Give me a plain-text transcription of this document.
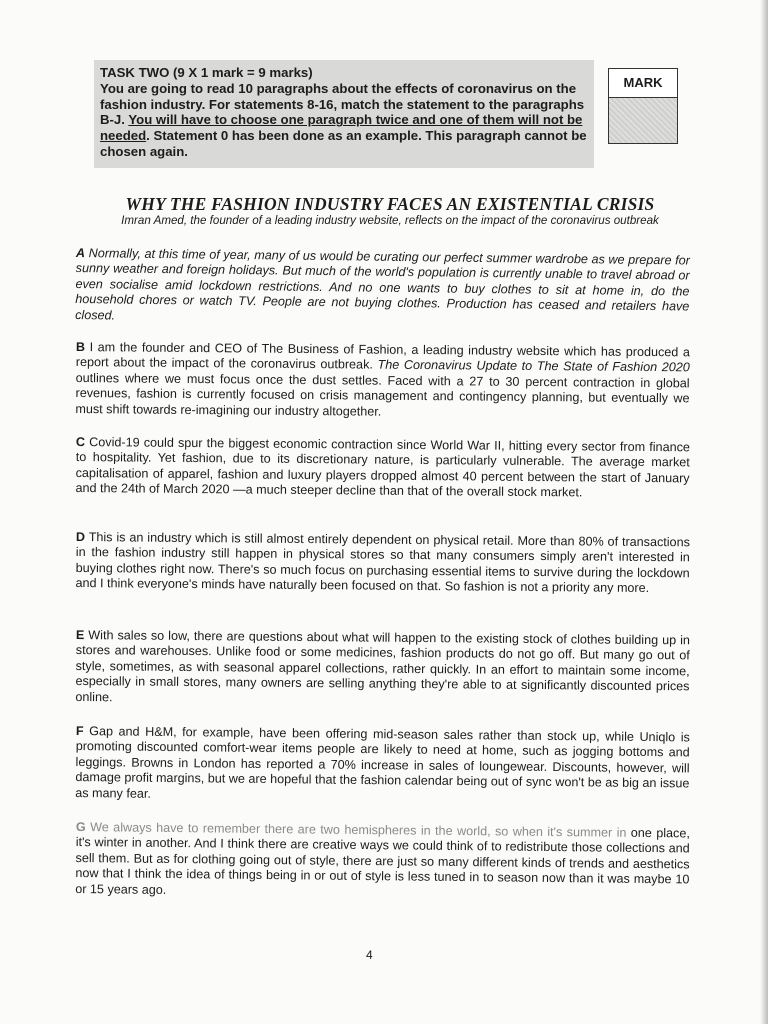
TASK TWO (9 X 1 mark = 9 marks)

You are going to read 10 paragraphs about the effects of coronavirus on the fashion industry. For statements 8-16, match the statement to the paragraphs B-J. You will have to choose one paragraph twice and one of them will not be needed. Statement 0 has been done as an example. This paragraph cannot be chosen again.

MARK
WHY THE FASHION INDUSTRY FACES AN EXISTENTIAL CRISIS
Imran Amed, the founder of a leading industry website, reflects on the impact of the coronavirus outbreak

A Normally, at this time of year, many of us would be curating our perfect summer wardrobe as we prepare for sunny weather and foreign holidays. But much of the world's population is currently unable to travel abroad or even socialise amid lockdown restrictions. And no one wants to buy clothes to sit at home in, do the household chores or watch TV. People are not buying clothes. Production has ceased and retailers have closed.

B I am the founder and CEO of The Business of Fashion, a leading industry website which has produced a report about the impact of the coronavirus outbreak. The Coronavirus Update to The State of Fashion 2020 outlines where we must focus once the dust settles. Faced with a 27 to 30 percent contraction in global revenues, fashion is currently focused on crisis management and contingency planning, but eventually we must shift towards re-imagining our industry altogether.

C Covid-19 could spur the biggest economic contraction since World War II, hitting every sector from finance to hospitality. Yet fashion, due to its discretionary nature, is particularly vulnerable. The average market capitalisation of apparel, fashion and luxury players dropped almost 40 percent between the start of January and the 24th of March 2020 —a much steeper decline than that of the overall stock market.

D This is an industry which is still almost entirely dependent on physical retail. More than 80% of transactions in the fashion industry still happen in physical stores so that many consumers simply aren't interested in buying clothes right now. There's so much focus on purchasing essential items to survive during the lockdown and I think everyone's minds have naturally been focused on that. So fashion is not a priority any more.

E With sales so low, there are questions about what will happen to the existing stock of clothes building up in stores and warehouses. Unlike food or some medicines, fashion products do not go off. But many go out of style, sometimes, as with seasonal apparel collections, rather quickly. In an effort to maintain some income, especially in small stores, many owners are selling anything they're able to at significantly discounted prices online.

F Gap and H&M, for example, have been offering mid-season sales rather than stock up, while Uniqlo is promoting discounted comfort-wear items people are likely to need at home, such as jogging bottoms and leggings. Browns in London has reported a 70% increase in sales of loungewear. Discounts, however, will damage profit margins, but we are hopeful that the fashion calendar being out of sync won't be as big an issue as many fear.

G We always have to remember there are two hemispheres in the world, so when it's summer in one place, it's winter in another. And I think there are creative ways we could think of to redistribute those collections and sell them. But as for clothing going out of style, there are just so many different kinds of trends and aesthetics now that I think the idea of things being in or out of style is less tuned in to season now than it was maybe 10 or 15 years ago.

4
